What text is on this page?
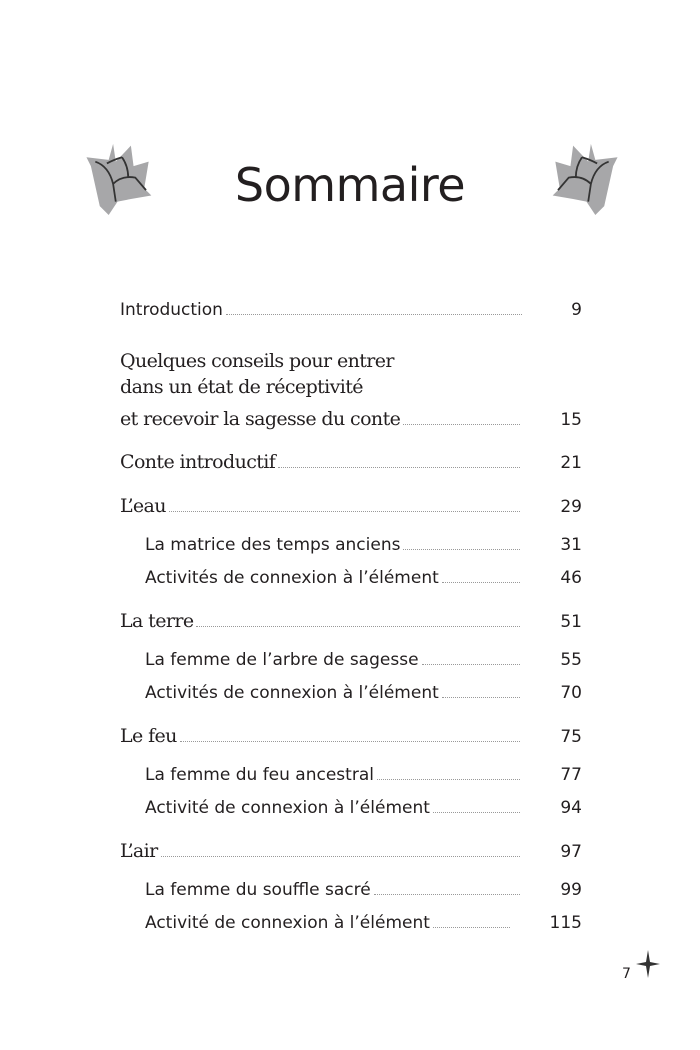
Sommaire
Introduction	9
Quelques conseils pour entrer
dans un état de réceptivité
et recevoir la sagesse du conte	15
Conte introductif	21
L’eau	29
La matrice des temps anciens	31
Activités de connexion à l’élément	46
La terre	51
La femme de l’arbre de sagesse	55
Activités de connexion à l’élément	70
Le feu	75
La femme du feu ancestral	77
Activité de connexion à l’élément	94
L’air	97
La femme du souffle sacré	99
Activité de connexion à l’élément	115
7
